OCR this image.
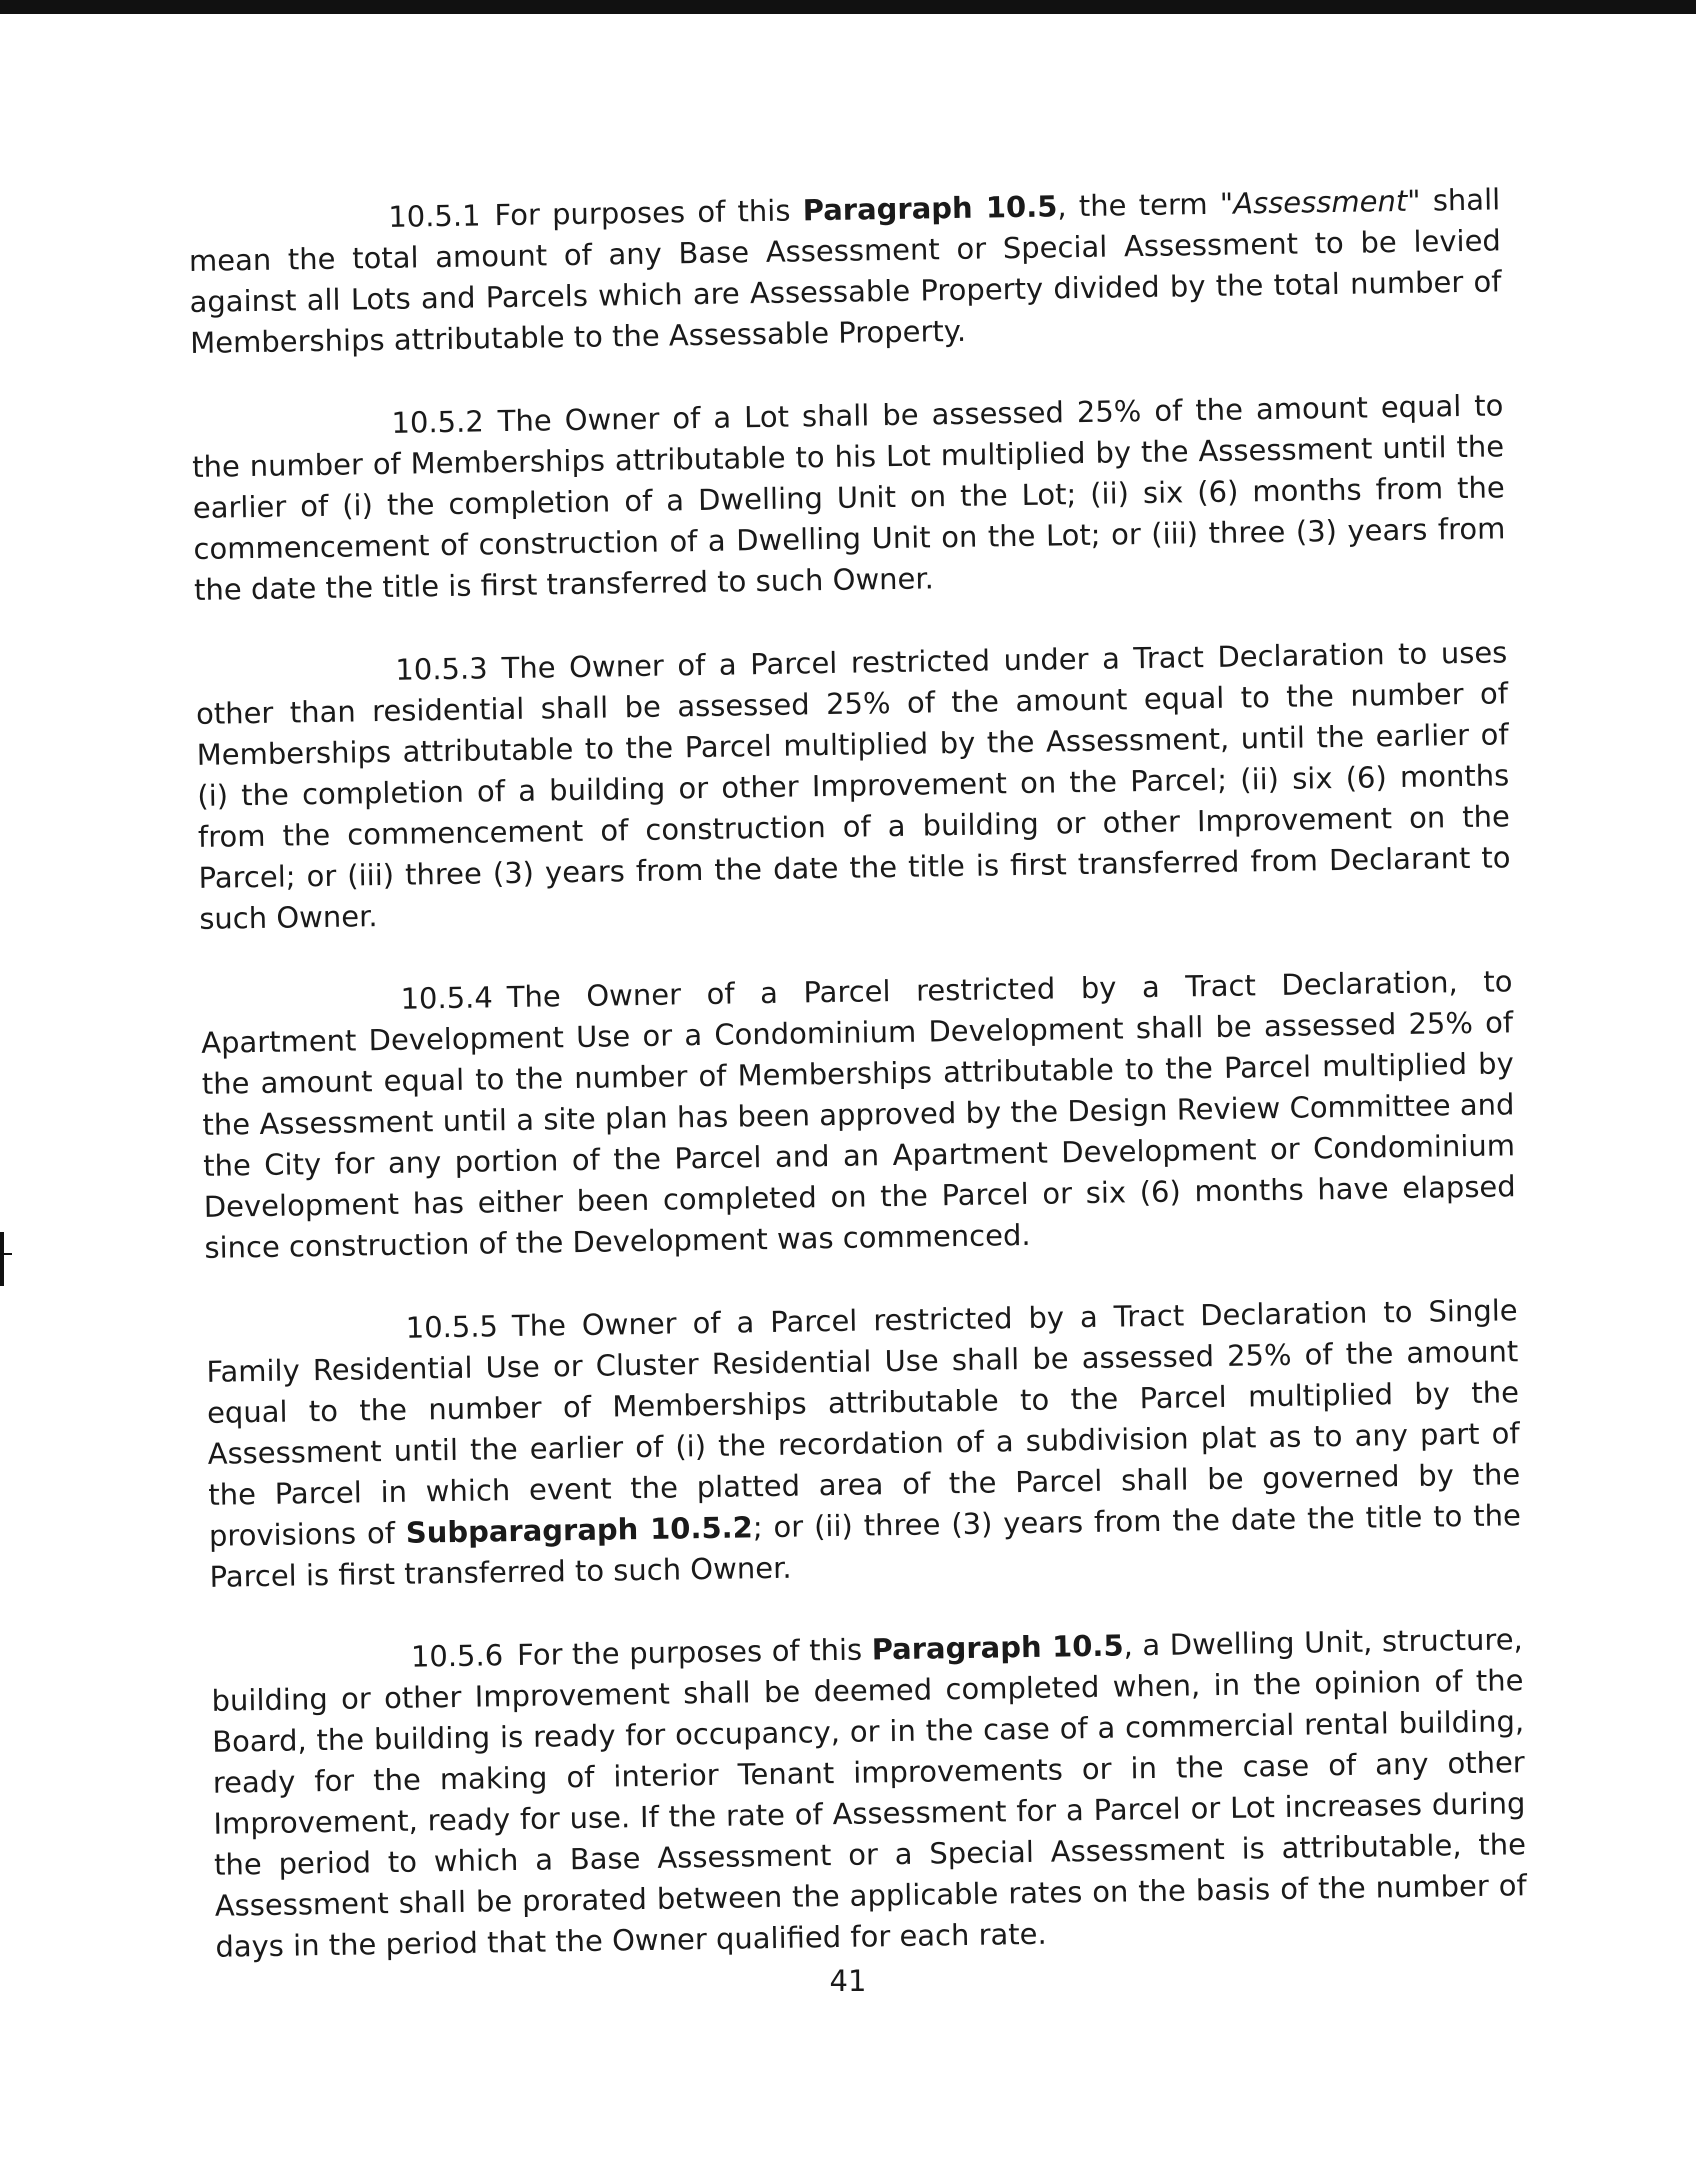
10.5.1 For purposes of this Paragraph 10.5, the term "Assessment" shall mean the total amount of any Base Assessment or Special Assessment to be levied against all Lots and Parcels which are Assessable Property divided by the total number of Memberships attributable to the Assessable Property.

10.5.2 The Owner of a Lot shall be assessed 25% of the amount equal to the number of Memberships attributable to his Lot multiplied by the Assessment until the earlier of (i) the completion of a Dwelling Unit on the Lot; (ii) six (6) months from the commencement of construction of a Dwelling Unit on the Lot; or (iii) three (3) years from the date the title is first transferred to such Owner.

10.5.3 The Owner of a Parcel restricted under a Tract Declaration to uses other than residential shall be assessed 25% of the amount equal to the number of Memberships attributable to the Parcel multiplied by the Assessment, until the earlier of (i) the completion of a building or other Improvement on the Parcel; (ii) six (6) months from the commencement of construction of a building or other Improvement on the Parcel; or (iii) three (3) years from the date the title is first transferred from Declarant to such Owner.

10.5.4 The Owner of a Parcel restricted by a Tract Declaration, to Apartment Development Use or a Condominium Development shall be assessed 25% of the amount equal to the number of Memberships attributable to the Parcel multiplied by the Assessment until a site plan has been approved by the Design Review Committee and the City for any portion of the Parcel and an Apartment Development or Condominium Development has either been completed on the Parcel or six (6) months have elapsed since construction of the Development was commenced.

10.5.5 The Owner of a Parcel restricted by a Tract Declaration to Single Family Residential Use or Cluster Residential Use shall be assessed 25% of the amount equal to the number of Memberships attributable to the Parcel multiplied by the Assessment until the earlier of (i) the recordation of a subdivision plat as to any part of the Parcel in which event the platted area of the Parcel shall be governed by the provisions of Subparagraph 10.5.2; or (ii) three (3) years from the date the title to the Parcel is first transferred to such Owner.

10.5.6 For the purposes of this Paragraph 10.5, a Dwelling Unit, structure, building or other Improvement shall be deemed completed when, in the opinion of the Board, the building is ready for occupancy, or in the case of a commercial rental building, ready for the making of interior Tenant improvements or in the case of any other Improvement, ready for use. If the rate of Assessment for a Parcel or Lot increases during the period to which a Base Assessment or a Special Assessment is attributable, the Assessment shall be prorated between the applicable rates on the basis of the number of days in the period that the Owner qualified for each rate.

41
